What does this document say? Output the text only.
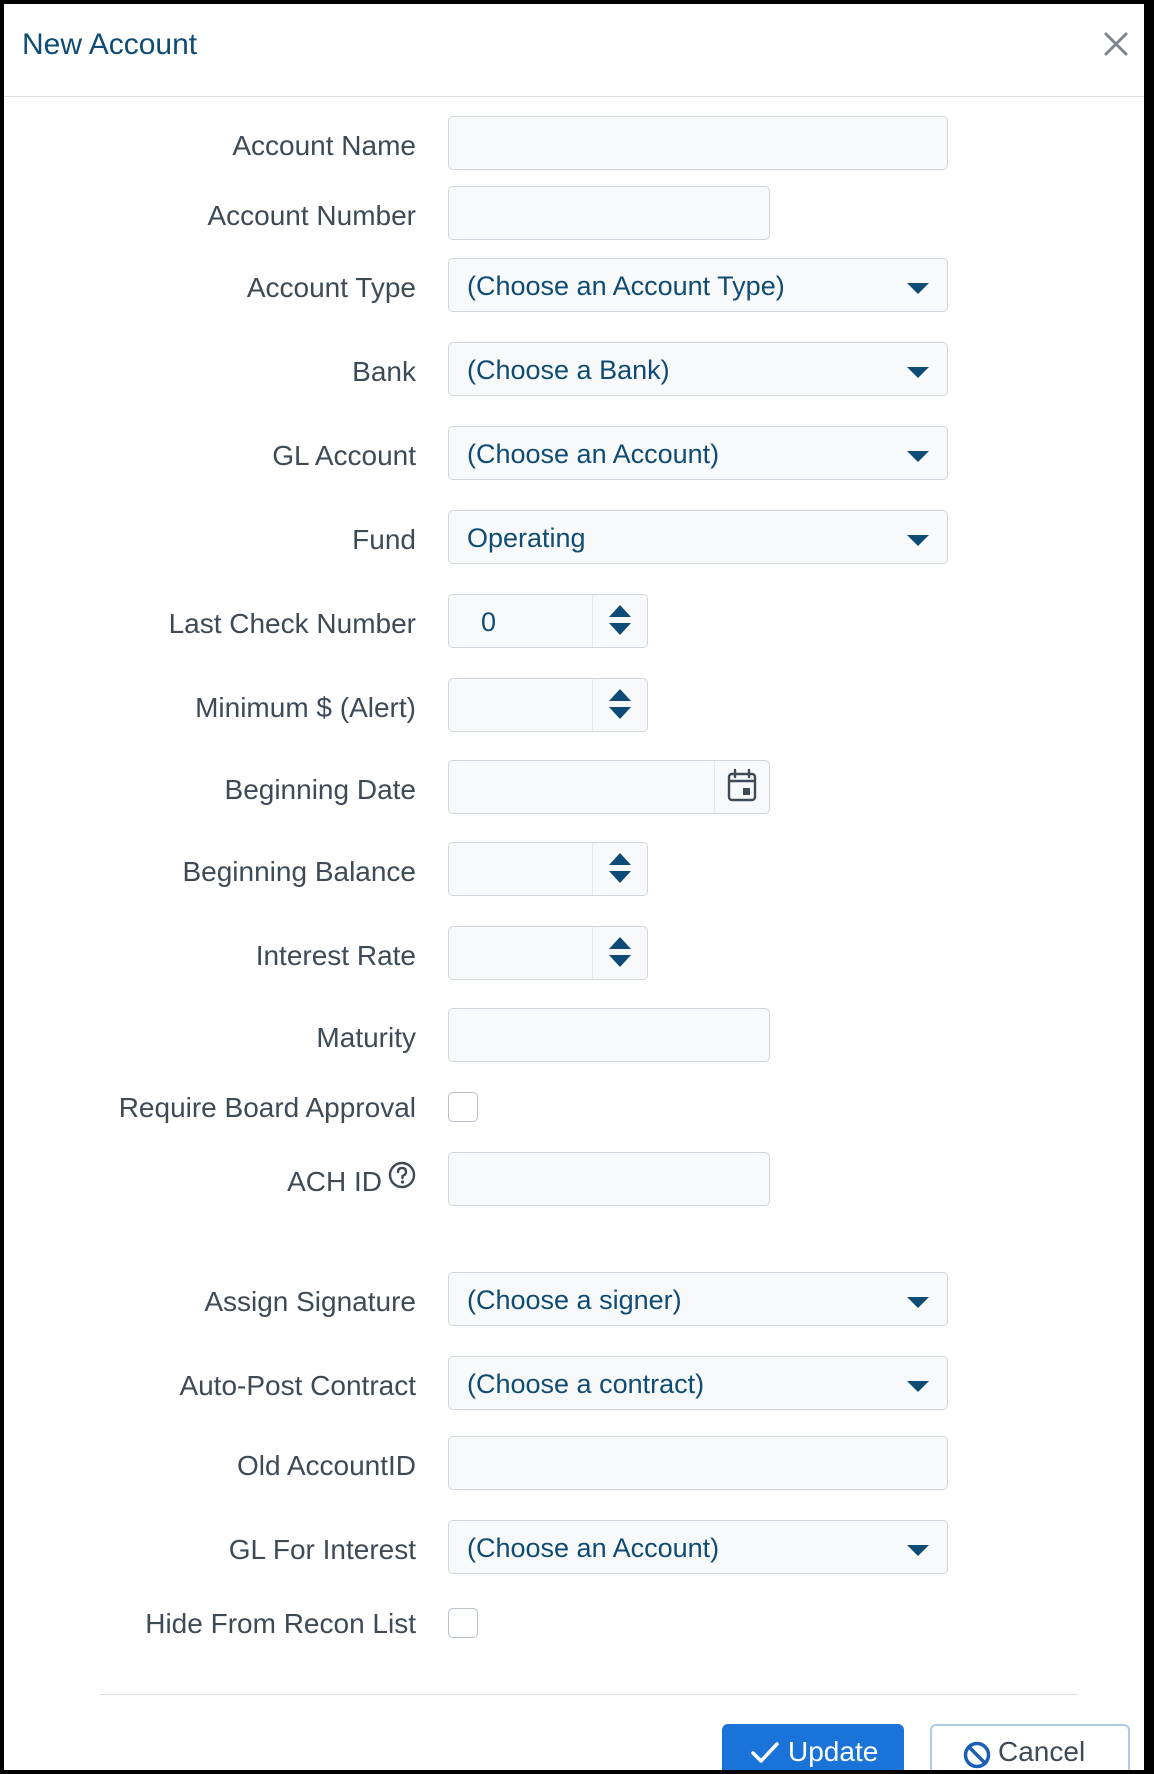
New Account
Account Name
Account Number
Account Type (Choose an Account Type)
Bank (Choose a Bank)
GL Account (Choose an Account)
Fund Operating
Last Check Number 0
Minimum $ (Alert)
Beginning Date
Beginning Balance
Interest Rate
Maturity
Require Board Approval
ACH ID
Assign Signature (Choose a signer)
Auto-Post Contract (Choose a contract)
Old AccountID
GL For Interest (Choose an Account)
Hide From Recon List
Update	Cancel
